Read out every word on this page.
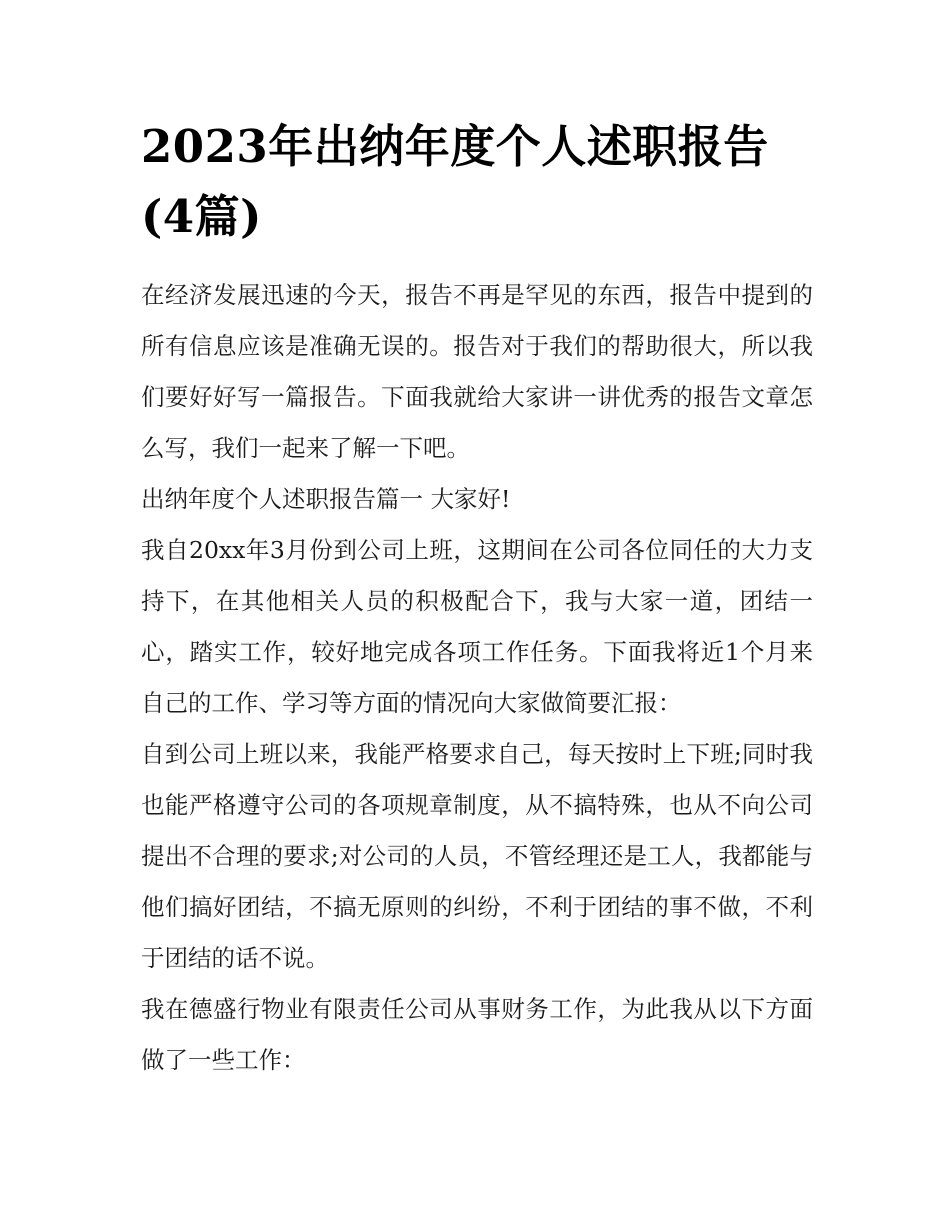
2023年出纳年度个人述职报告(4篇)

在经济发展迅速的今天，报告不再是罕见的东西，报告中提到的所有信息应该是准确无误的。报告对于我们的帮助很大，所以我们要好好写一篇报告。下面我就给大家讲一讲优秀的报告文章怎么写，我们一起来了解一下吧。

出纳年度个人述职报告篇一 大家好!

我自20xx年3月份到公司上班，这期间在公司各位同任的大力支持下，在其他相关人员的积极配合下，我与大家一道，团结一心，踏实工作，较好地完成各项工作任务。下面我将近1个月来自己的工作、学习等方面的情况向大家做简要汇报：

自到公司上班以来，我能严格要求自己，每天按时上下班;同时我也能严格遵守公司的各项规章制度，从不搞特殊，也从不向公司提出不合理的要求;对公司的人员，不管经理还是工人，我都能与他们搞好团结，不搞无原则的纠纷，不利于团结的事不做，不利于团结的话不说。

我在德盛行物业有限责任公司从事财务工作，为此我从以下方面做了一些工作：
